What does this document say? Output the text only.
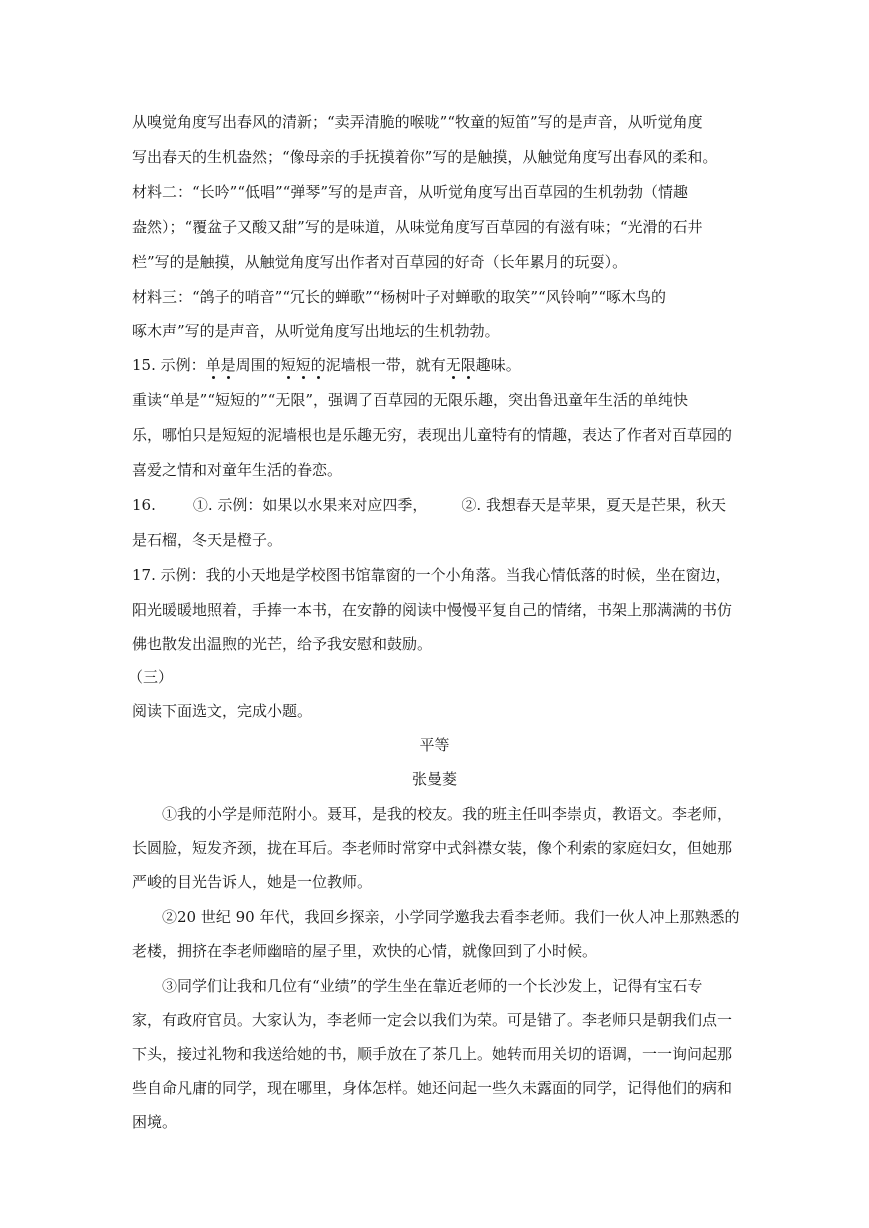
从嗅觉角度写出春风的清新；“卖弄清脆的喉咙”“牧童的短笛”写的是声音，从听觉角度
写出春天的生机盎然；“像母亲的手抚摸着你”写的是触摸，从触觉角度写出春风的柔和。
材料二：“长吟”“低唱”“弹琴”写的是声音，从听觉角度写出百草园的生机勃勃（情趣
盎然）；“覆盆子又酸又甜”写的是味道，从味觉角度写百草园的有滋有味；“光滑的石井
栏”写的是触摸，从触觉角度写出作者对百草园的好奇（长年累月的玩耍）。
材料三：“鸽子的哨音”“冗长的蝉歌”“杨树叶子对蝉歌的取笑”“风铃响”“啄木鸟的
啄木声”写的是声音，从听觉角度写出地坛的生机勃勃。
15. 示例：单是周围的短短的泥墙根一带，就有无限趣味。
重读“单是”“短短的”“无限”，强调了百草园的无限乐趣，突出鲁迅童年生活的单纯快
乐，哪怕只是短短的泥墙根也是乐趣无穷，表现出儿童特有的情趣，表达了作者对百草园的
喜爱之情和对童年生活的眷恋。
16. ①. 示例：如果以水果来对应四季， ②. 我想春天是苹果，夏天是芒果，秋天
是石榴，冬天是橙子。
17. 示例：我的小天地是学校图书馆靠窗的一个小角落。当我心情低落的时候，坐在窗边，
阳光暖暖地照着，手捧一本书，在安静的阅读中慢慢平复自己的情绪，书架上那满满的书仿
佛也散发出温煦的光芒，给予我安慰和鼓励。
（三）
阅读下面选文，完成小题。
平等
张曼菱
①我的小学是师范附小。聂耳，是我的校友。我的班主任叫李崇贞，教语文。李老师，
长圆脸，短发齐颈，拢在耳后。李老师时常穿中式斜襟女装，像个利索的家庭妇女，但她那
严峻的目光告诉人，她是一位教师。
②20 世纪 90 年代，我回乡探亲，小学同学邀我去看李老师。我们一伙人冲上那熟悉的
老楼，拥挤在李老师幽暗的屋子里，欢快的心情，就像回到了小时候。
③同学们让我和几位有“业绩”的学生坐在靠近老师的一个长沙发上，记得有宝石专
家，有政府官员。大家认为，李老师一定会以我们为荣。可是错了。李老师只是朝我们点一
下头，接过礼物和我送给她的书，顺手放在了茶几上。她转而用关切的语调，一一询问起那
些自命凡庸的同学，现在哪里，身体怎样。她还问起一些久未露面的同学，记得他们的病和
困境。
